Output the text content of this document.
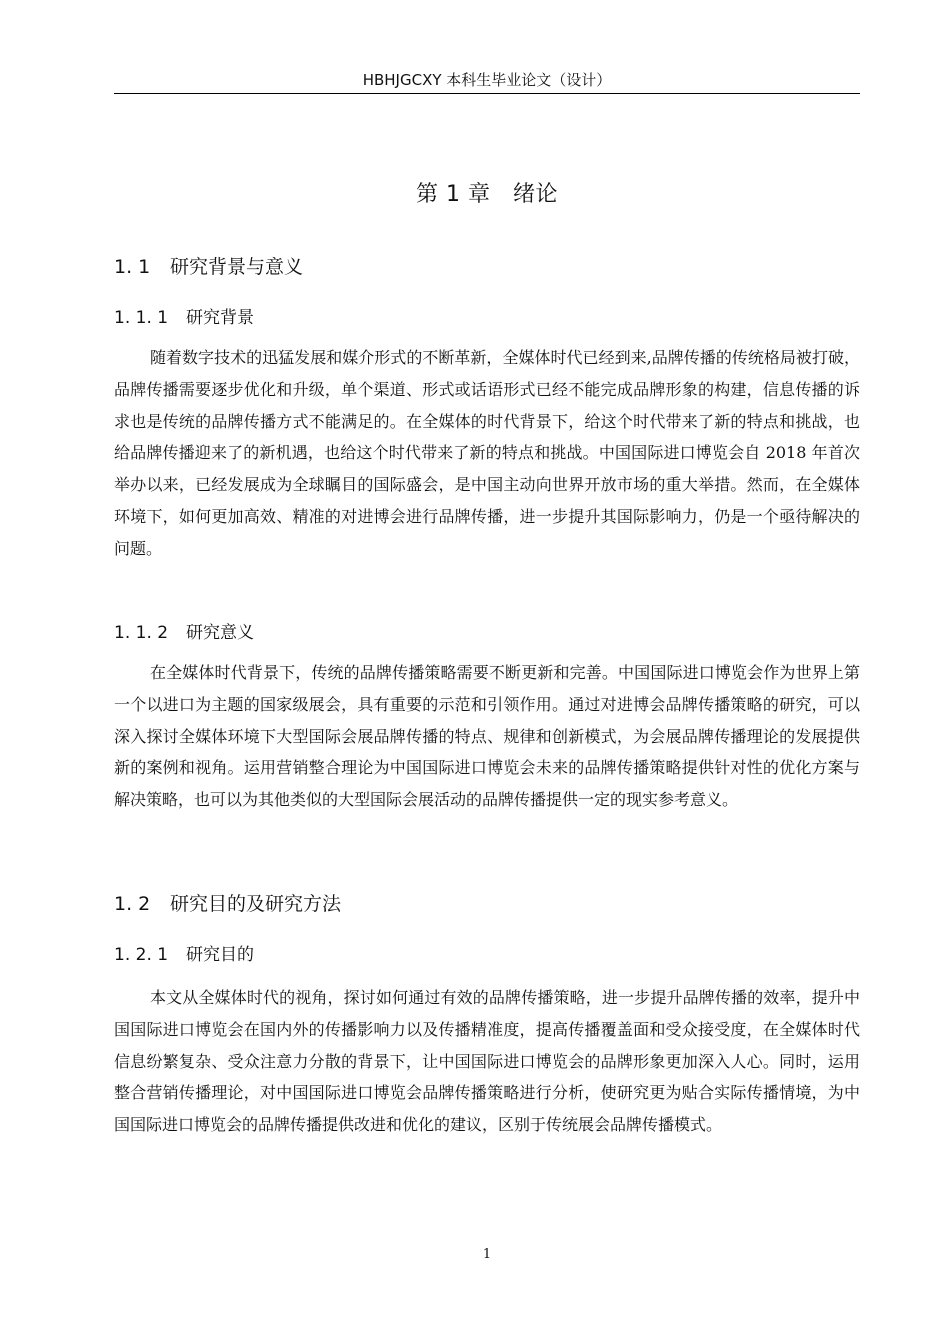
HBHJGCXY 本科生毕业论文（设计）
第 1 章　绪论
1. 1 研究背景与意义
1. 1. 1 研究背景

随着数字技术的迅猛发展和媒介形式的不断革新，全媒体时代已经到来,品牌传播的传统格局被打破，品牌传播需要逐步优化和升级，单个渠道、形式或话语形式已经不能完成品牌形象的构建，信息传播的诉求也是传统的品牌传播方式不能满足的。在全媒体的时代背景下，给这个时代带来了新的特点和挑战，也给品牌传播迎来了的新机遇，也给这个时代带来了新的特点和挑战。中国国际进口博览会自 2018 年首次举办以来，已经发展成为全球瞩目的国际盛会，是中国主动向世界开放市场的重大举措。然而，在全媒体环境下，如何更加高效、精准的对进博会进行品牌传播，进一步提升其国际影响力，仍是一个亟待解决的问题。

1. 1. 2 研究意义

在全媒体时代背景下，传统的品牌传播策略需要不断更新和完善。中国国际进口博览会作为世界上第一个以进口为主题的国家级展会，具有重要的示范和引领作用。通过对进博会品牌传播策略的研究，可以深入探讨全媒体环境下大型国际会展品牌传播的特点、规律和创新模式，为会展品牌传播理论的发展提供新的案例和视角。运用营销整合理论为中国国际进口博览会未来的品牌传播策略提供针对性的优化方案与解决策略，也可以为其他类似的大型国际会展活动的品牌传播提供一定的现实参考意义。

1. 2 研究目的及研究方法
1. 2. 1 研究目的

本文从全媒体时代的视角，探讨如何通过有效的品牌传播策略，进一步提升品牌传播的效率，提升中国国际进口博览会在国内外的传播影响力以及传播精准度，提高传播覆盖面和受众接受度，在全媒体时代信息纷繁复杂、受众注意力分散的背景下，让中国国际进口博览会的品牌形象更加深入人心。同时，运用整合营销传播理论，对中国国际进口博览会品牌传播策略进行分析，使研究更为贴合实际传播情境，为中国国际进口博览会的品牌传播提供改进和优化的建议，区别于传统展会品牌传播模式。

1
